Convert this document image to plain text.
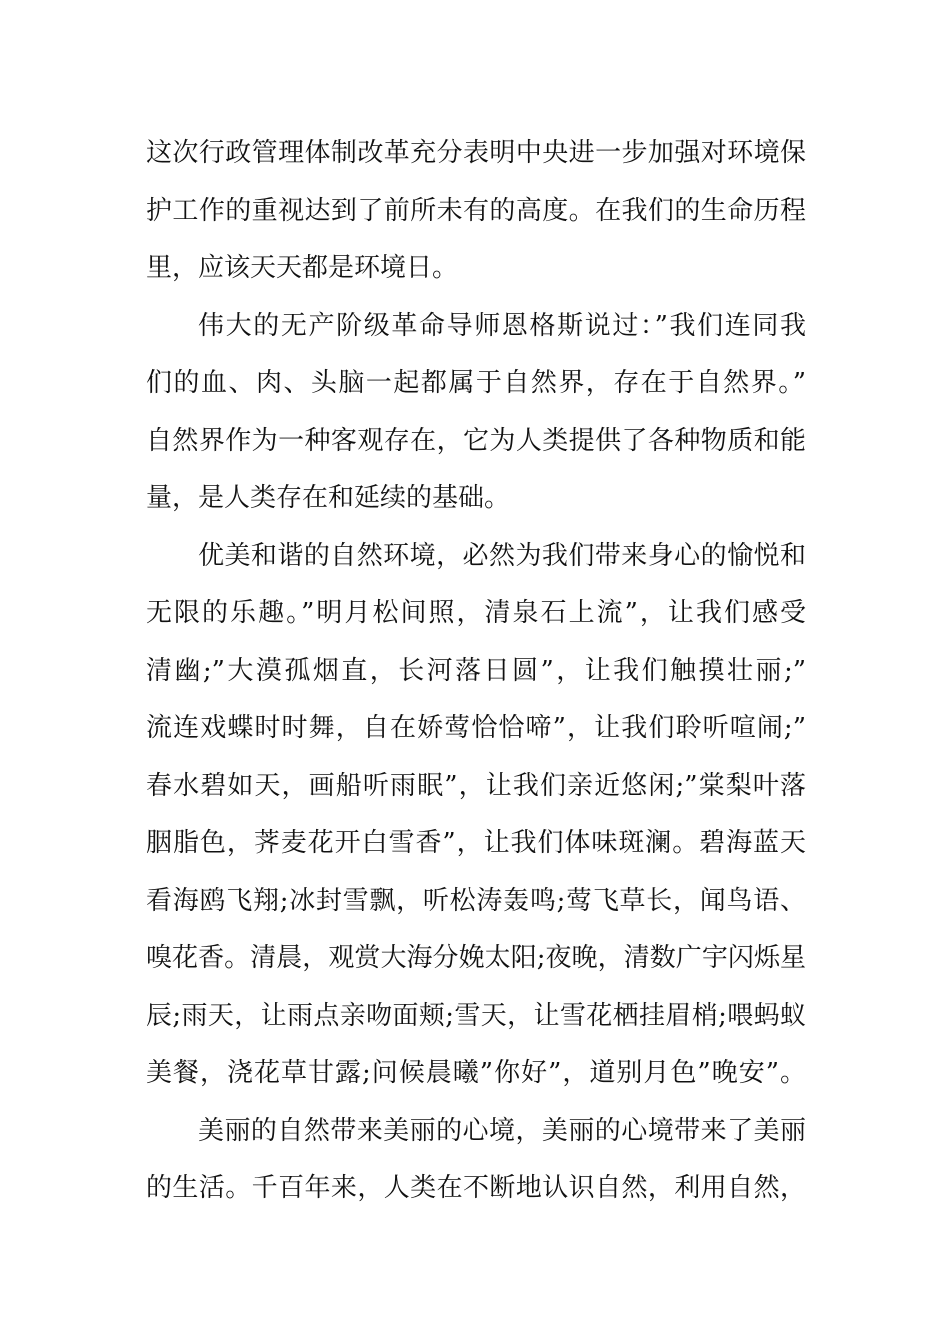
这次行政管理体制改革充分表明中央进一步加强对环境保
护工作的重视达到了前所未有的高度。在我们的生命历程
里，应该天天都是环境日。
伟大的无产阶级革命导师恩格斯说过：”我们连同我
们的血、肉、头脑一起都属于自然界，存在于自然界。”
自然界作为一种客观存在，它为人类提供了各种物质和能
量，是人类存在和延续的基础。
优美和谐的自然环境，必然为我们带来身心的愉悦和
无限的乐趣。”明月松间照，清泉石上流”，让我们感受
清幽;”大漠孤烟直，长河落日圆”，让我们触摸壮丽;”
流连戏蝶时时舞，自在娇莺恰恰啼”，让我们聆听喧闹;”
春水碧如天，画船听雨眠”，让我们亲近悠闲;”棠梨叶落
胭脂色，荠麦花开白雪香”，让我们体味斑澜。碧海蓝天
看海鸥飞翔;冰封雪飘，听松涛轰鸣;莺飞草长，闻鸟语、
嗅花香。清晨，观赏大海分娩太阳;夜晚，清数广宇闪烁星
辰;雨天，让雨点亲吻面颊;雪天，让雪花栖挂眉梢;喂蚂蚁
美餐，浇花草甘露;问候晨曦”你好”，道别月色”晚安”。
美丽的自然带来美丽的心境，美丽的心境带来了美丽
的生活。千百年来，人类在不断地认识自然，利用自然，
